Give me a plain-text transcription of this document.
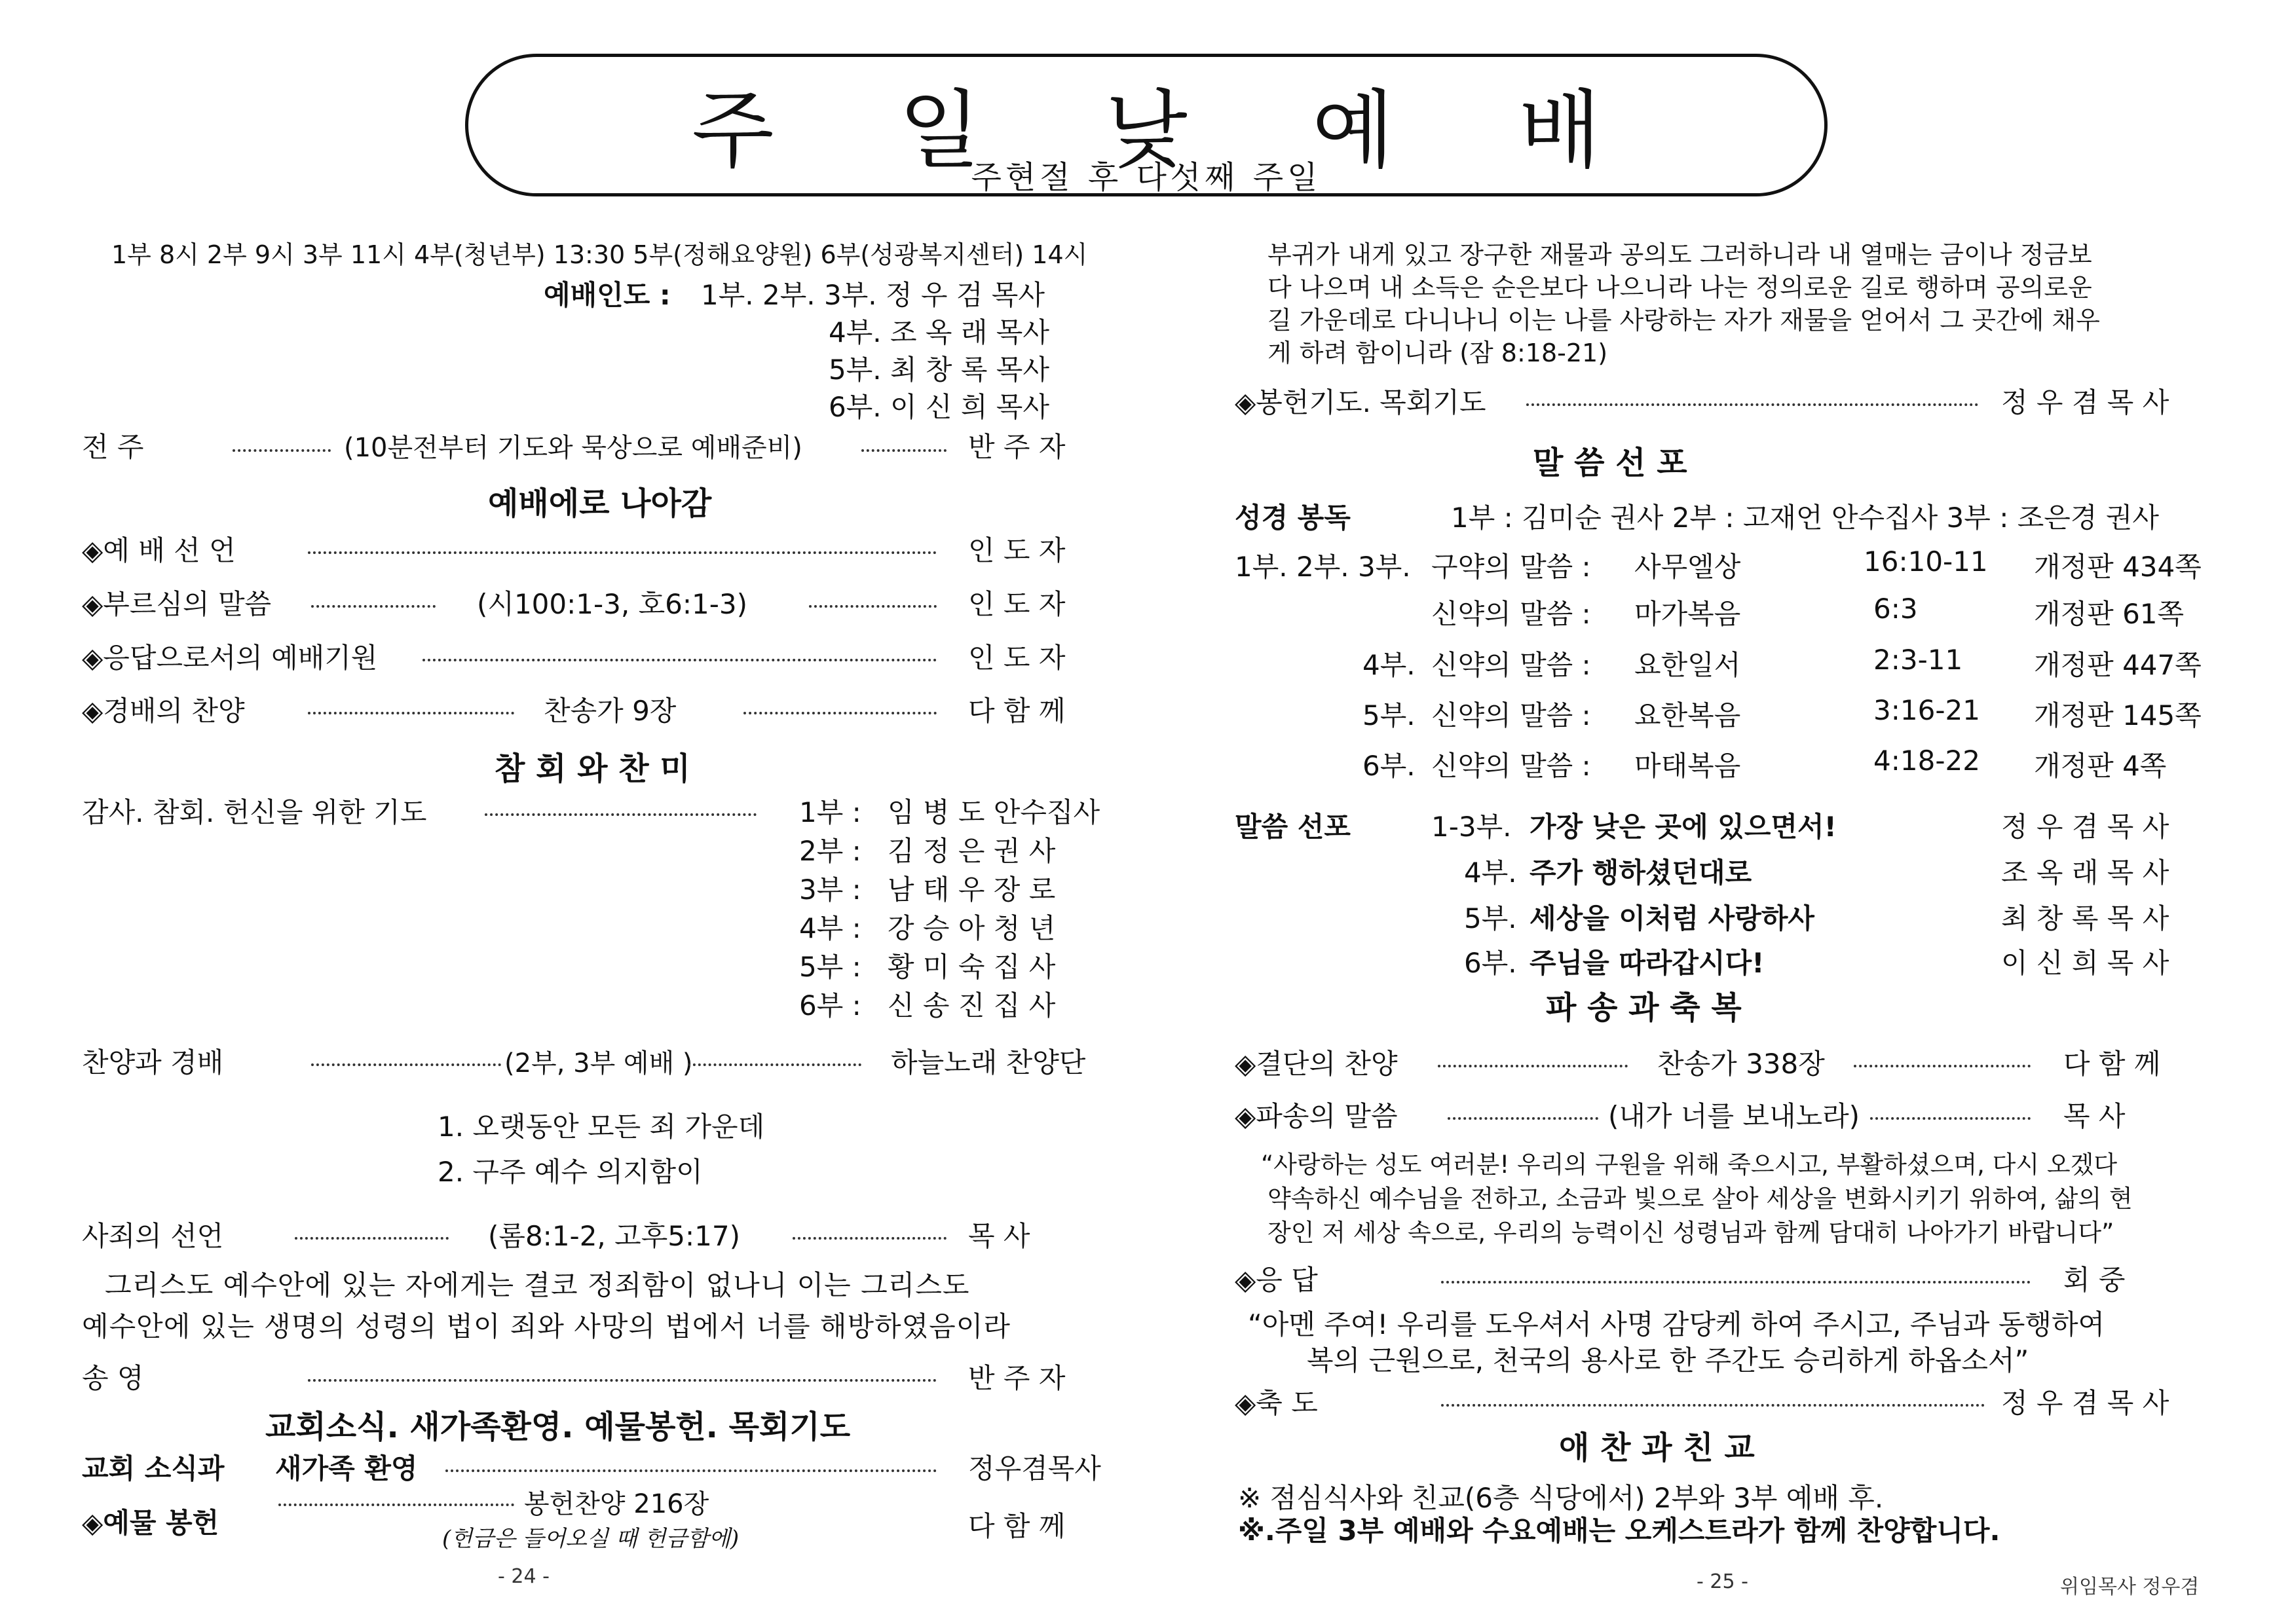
주 일 낮 예 배
주현절 후 다섯째 주일
1부 8시 2부 9시 3부 11시 4부(청년부) 13:30 5부(정해요양원) 6부(성광복지센터) 14시
예배인도 : 1부. 2부. 3부. 정 우 검 목사
4부. 조 옥 래 목사
5부. 최 창 록 목사
6부. 이 신 희 목사
전 주	(10분전부터 기도와 묵상으로 예배준비)	반 주 자
예배에로 나아감
◈예 배 선 언	인 도 자
◈부르심의 말씀	(시100:1-3, 호6:1-3)	인 도 자
◈응답으로서의 예배기원	인 도 자
◈경배의 찬양	찬송가 9장	다 함 께
참 회 와 찬 미
감사. 참회. 헌신을 위한 기도	1부 : 임 병 도 안수집사
2부 : 김 정 은 권 사
3부 : 남 태 우 장 로
4부 : 강 승 아 청 년
5부 : 황 미 숙 집 사
6부 : 신 송 진 집 사
찬양과 경배	(2부, 3부 예배 )	하늘노래 찬양단
1. 오랫동안 모든 죄 가운데
2. 구주 예수 의지함이
사죄의 선언	(롬8:1-2, 고후5:17)	목 사
그리스도 예수안에 있는 자에게는 결코 정죄함이 없나니 이는 그리스도
예수안에 있는 생명의 성령의 법이 죄와 사망의 법에서 너를 해방하였음이라
송 영	반 주 자
교회소식. 새가족환영. 예물봉헌. 목회기도
교회 소식과 새가족 환영	정우겸목사
봉헌찬양 216장
◈예물 봉헌	(헌금은 들어오실 때 헌금함에)	다 함 께
- 24 -
부귀가 내게 있고 장구한 재물과 공의도 그러하니라 내 열매는 금이나 정금보
다 나으며 내 소득은 순은보다 나으니라 나는 정의로운 길로 행하며 공의로운
길 가운데로 다니나니 이는 나를 사랑하는 자가 재물을 얻어서 그 곳간에 채우
게 하려 함이니라 (잠 8:18-21)
◈봉헌기도. 목회기도	정 우 겸 목 사
말 씀 선 포
성경 봉독	1부 : 김미순 권사 2부 : 고재언 안수집사 3부 : 조은경 권사
1부. 2부. 3부. 구약의 말씀 : 사무엘상	16:10-11 개정판 434쪽
신약의 말씀 : 마가복음	6:3	개정판 61쪽
4부. 신약의 말씀 : 요한일서	2:3-11	개정판 447쪽
5부. 신약의 말씀 : 요한복음	3:16-21 개정판 145쪽
6부. 신약의 말씀 : 마태복음	4:18-22 개정판 4쪽
말씀 선포	1-3부. 가장 낮은 곳에 있으면서!	정 우 겸 목 사
4부. 주가 행하셨던대로	조 옥 래 목 사
5부. 세상을 이처럼 사랑하사	최 창 록 목 사
6부. 주님을 따라갑시다!	이 신 희 목 사
파 송 과 축 복
◈결단의 찬양	찬송가 338장	다 함 께
◈파송의 말씀	(내가 너를 보내노라)	목 사
“사랑하는 성도 여러분! 우리의 구원을 위해 죽으시고, 부활하셨으며, 다시 오겠다
약속하신 예수님을 전하고, 소금과 빛으로 살아 세상을 변화시키기 위하여, 삶의 현
장인 저 세상 속으로, 우리의 능력이신 성령님과 함께 담대히 나아가기 바랍니다”
◈응 답	회 중
“아멘 주여! 우리를 도우셔서 사명 감당케 하여 주시고, 주님과 동행하여
복의 근원으로, 천국의 용사로 한 주간도 승리하게 하옵소서”
◈축 도	정 우 겸 목 사
애 찬 과 친 교
※ 점심식사와 친교(6층 식당에서) 2부와 3부 예배 후.
※.주일 3부 예배와 수요예배는 오케스트라가 함께 찬양합니다.
- 25 -	위임목사 정우겸
